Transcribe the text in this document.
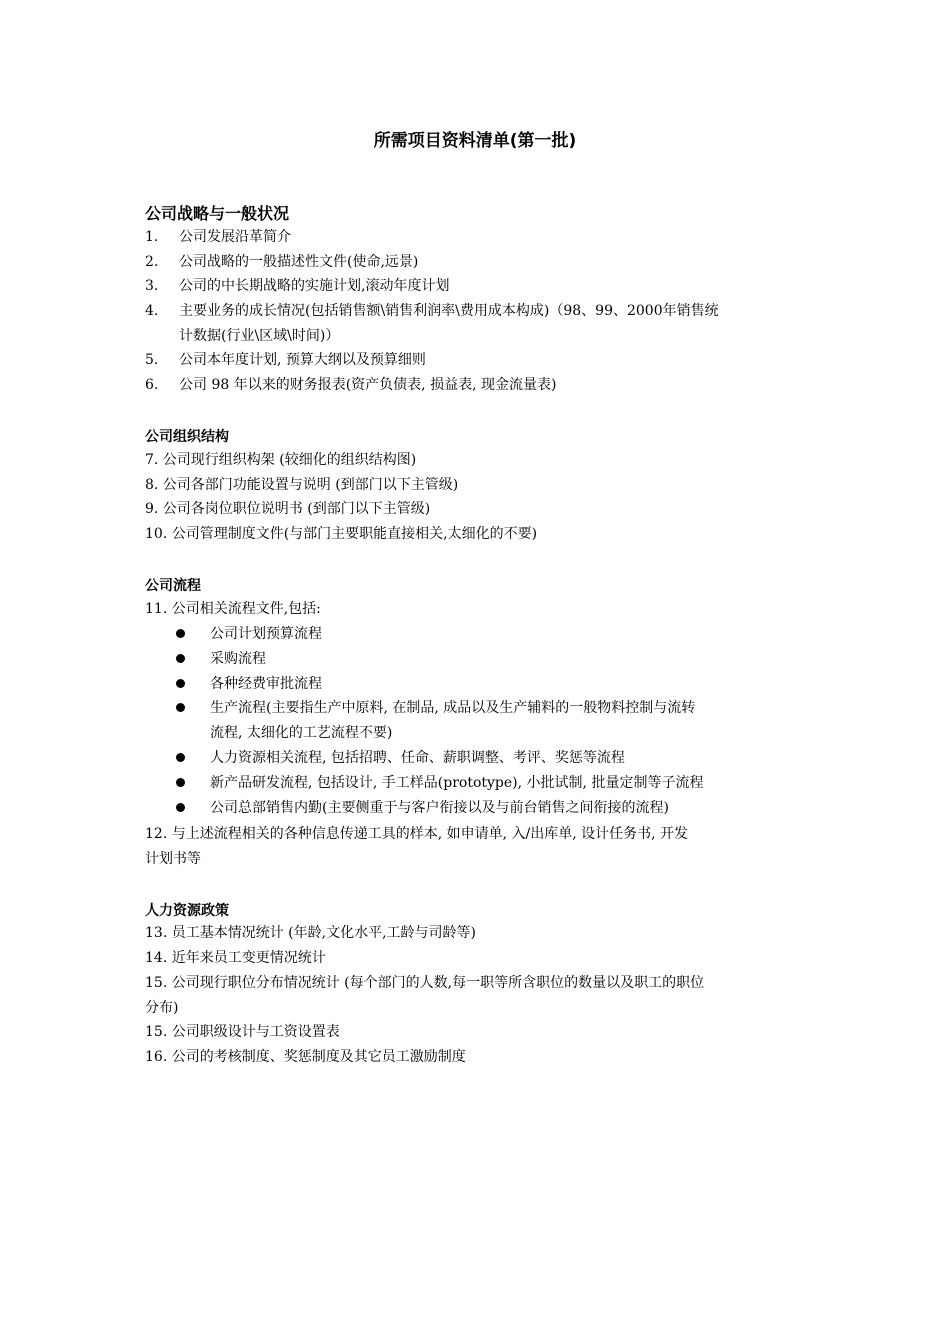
所需项目资料清单(第一批)
公司战略与一般状况
1. 公司发展沿革简介
2. 公司战略的一般描述性文件(使命,远景)
3. 公司的中长期战略的实施计划,滚动年度计划
4. 主要业务的成长情况(包括销售额\销售利润率\费用成本构成)（98、99、2000年销售统
计数据(行业\区域\时间)）
5. 公司本年度计划, 预算大纲以及预算细则
6. 公司 98 年以来的财务报表(资产负债表, 损益表, 现金流量表)
公司组织结构
7. 公司现行组织构架 (较细化的组织结构图)
8. 公司各部门功能设置与说明 (到部门以下主管级)
9. 公司各岗位职位说明书 (到部门以下主管级)
10. 公司管理制度文件(与部门主要职能直接相关,太细化的不要)
公司流程
11. 公司相关流程文件,包括:
公司计划预算流程
采购流程
各种经费审批流程
生产流程(主要指生产中原料, 在制品, 成品以及生产辅料的一般物料控制与流转
流程, 太细化的工艺流程不要)
人力资源相关流程, 包括招聘、任命、薪职调整、考评、奖惩等流程
新产品研发流程, 包括设计, 手工样品(prototype), 小批试制, 批量定制等子流程
公司总部销售内勤(主要侧重于与客户衔接以及与前台销售之间衔接的流程)
12. 与上述流程相关的各种信息传递工具的样本, 如申请单, 入/出库单, 设计任务书, 开发
计划书等
人力资源政策
13. 员工基本情况统计 (年龄,文化水平,工龄与司龄等)
14. 近年来员工变更情况统计
15. 公司现行职位分布情况统计 (每个部门的人数,每一职等所含职位的数量以及职工的职位
分布)
15. 公司职级设计与工资设置表
16. 公司的考核制度、奖惩制度及其它员工激励制度
